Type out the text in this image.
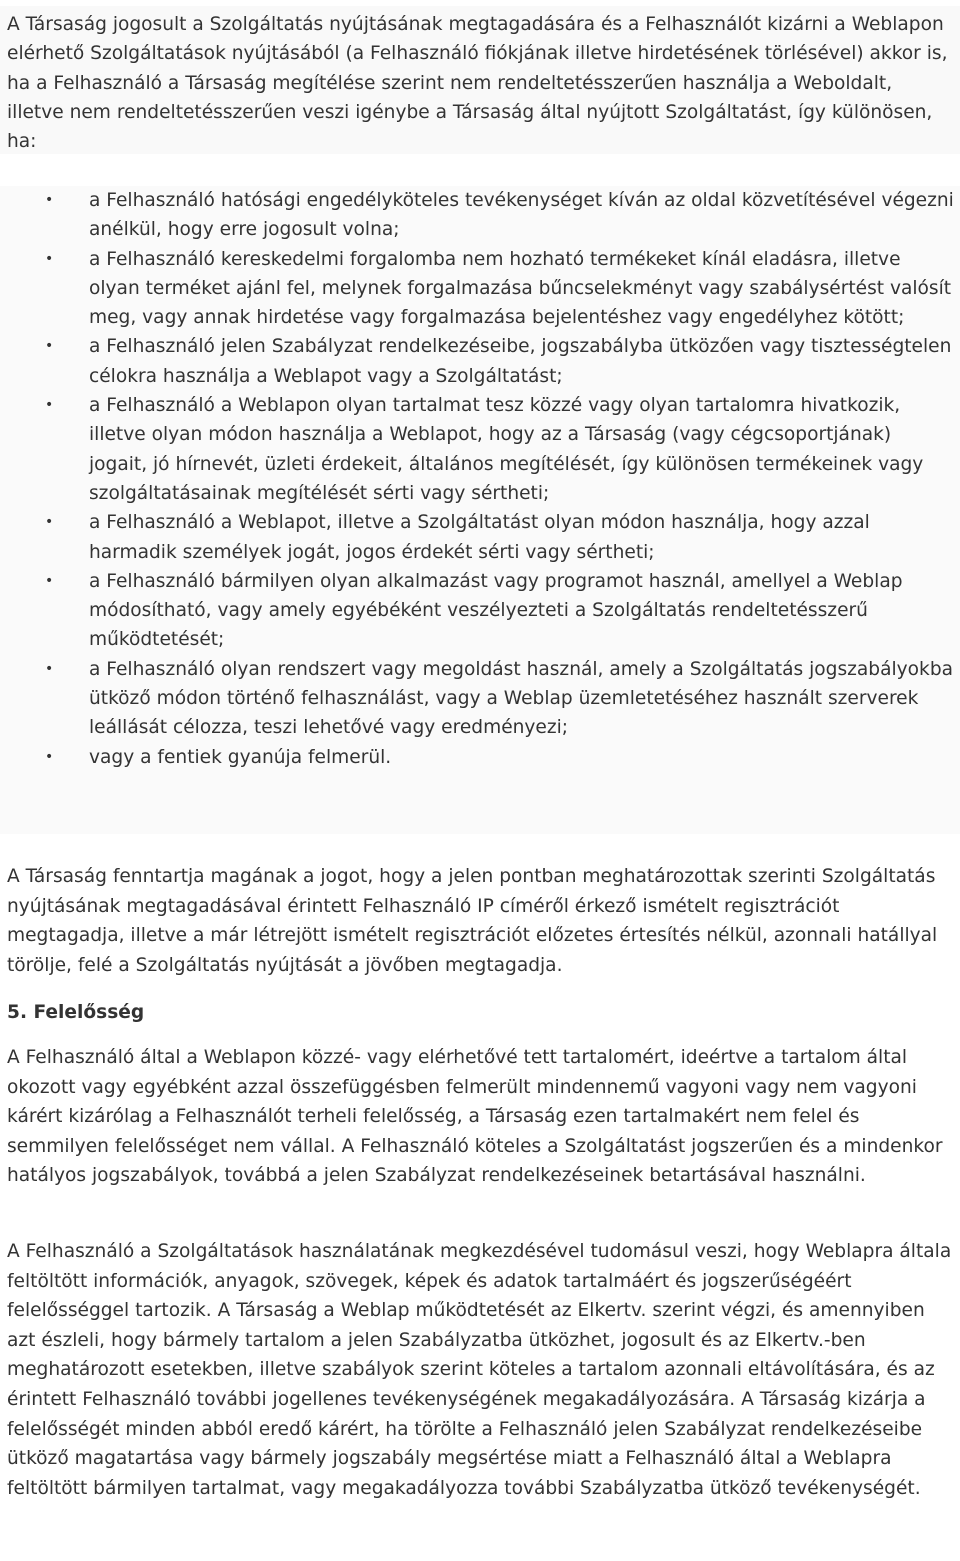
A Társaság jogosult a Szolgáltatás nyújtásának megtagadására és a Felhasználót kizárni a Weblapon elérhető Szolgáltatások nyújtásából (a Felhasználó fiókjának illetve hirdetésének törlésével) akkor is, ha a Felhasználó a Társaság megítélése szerint nem rendeltetésszerűen használja a Weboldalt, illetve nem rendeltetésszerűen veszi igénybe a Társaság által nyújtott Szolgáltatást, így különösen, ha:

• a Felhasználó hatósági engedélyköteles tevékenységet kíván az oldal közvetítésével végezni anélkül, hogy erre jogosult volna;
• a Felhasználó kereskedelmi forgalomba nem hozható termékeket kínál eladásra, illetve olyan terméket ajánl fel, melynek forgalmazása bűncselekményt vagy szabálysértést valósít meg, vagy annak hirdetése vagy forgalmazása bejelentéshez vagy engedélyhez kötött;
• a Felhasználó jelen Szabályzat rendelkezéseibe, jogszabályba ütközően vagy tisztességtelen célokra használja a Weblapot vagy a Szolgáltatást;
• a Felhasználó a Weblapon olyan tartalmat tesz közzé vagy olyan tartalomra hivatkozik, illetve olyan módon használja a Weblapot, hogy az a Társaság (vagy cégcsoportjának) jogait, jó hírnevét, üzleti érdekeit, általános megítélését, így különösen termékeinek vagy szolgáltatásainak megítélését sérti vagy sértheti;
• a Felhasználó a Weblapot, illetve a Szolgáltatást olyan módon használja, hogy azzal harmadik személyek jogát, jogos érdekét sérti vagy sértheti;
• a Felhasználó bármilyen olyan alkalmazást vagy programot használ, amellyel a Weblap módosítható, vagy amely egyébéként veszélyezteti a Szolgáltatás rendeltetésszerű működtetését;
• a Felhasználó olyan rendszert vagy megoldást használ, amely a Szolgáltatás jogszabályokba ütköző módon történő felhasználást, vagy a Weblap üzemletetéséhez használt szerverek leállását célozza, teszi lehetővé vagy eredményezi;
• vagy a fentiek gyanúja felmerül.

A Társaság fenntartja magának a jogot, hogy a jelen pontban meghatározottak szerinti Szolgáltatás nyújtásának megtagadásával érintett Felhasználó IP címéről érkező ismételt regisztrációt megtagadja, illetve a már létrejött ismételt regisztrációt előzetes értesítés nélkül, azonnali hatállyal törölje, felé a Szolgáltatás nyújtását a jövőben megtagadja.

5. Felelősség

A Felhasználó által a Weblapon közzé- vagy elérhetővé tett tartalomért, ideértve a tartalom által okozott vagy egyébként azzal összefüggésben felmerült mindennemű vagyoni vagy nem vagyoni kárért kizárólag a Felhasználót terheli felelősség, a Társaság ezen tartalmakért nem felel és semmilyen felelősséget nem vállal. A Felhasználó köteles a Szolgáltatást jogszerűen és a mindenkor hatályos jogszabályok, továbbá a jelen Szabályzat rendelkezéseinek betartásával használni.

A Felhasználó a Szolgáltatások használatának megkezdésével tudomásul veszi, hogy Weblapra általa feltöltött információk, anyagok, szövegek, képek és adatok tartalmáért és jogszerűségéért felelősséggel tartozik. A Társaság a Weblap működtetését az Elkertv. szerint végzi, és amennyiben azt észleli, hogy bármely tartalom a jelen Szabályzatba ütközhet, jogosult és az Elkertv.-ben meghatározott esetekben, illetve szabályok szerint köteles a tartalom azonnali eltávolítására, és az érintett Felhasználó további jogellenes tevékenységének megakadályozására. A Társaság kizárja a felelősségét minden abból eredő kárért, ha törölte a Felhasználó jelen Szabályzat rendelkezéseibe ütköző magatartása vagy bármely jogszabály megsértése miatt a Felhasználó által a Weblapra feltöltött bármilyen tartalmat, vagy megakadályozza további Szabályzatba ütköző tevékenységét.
